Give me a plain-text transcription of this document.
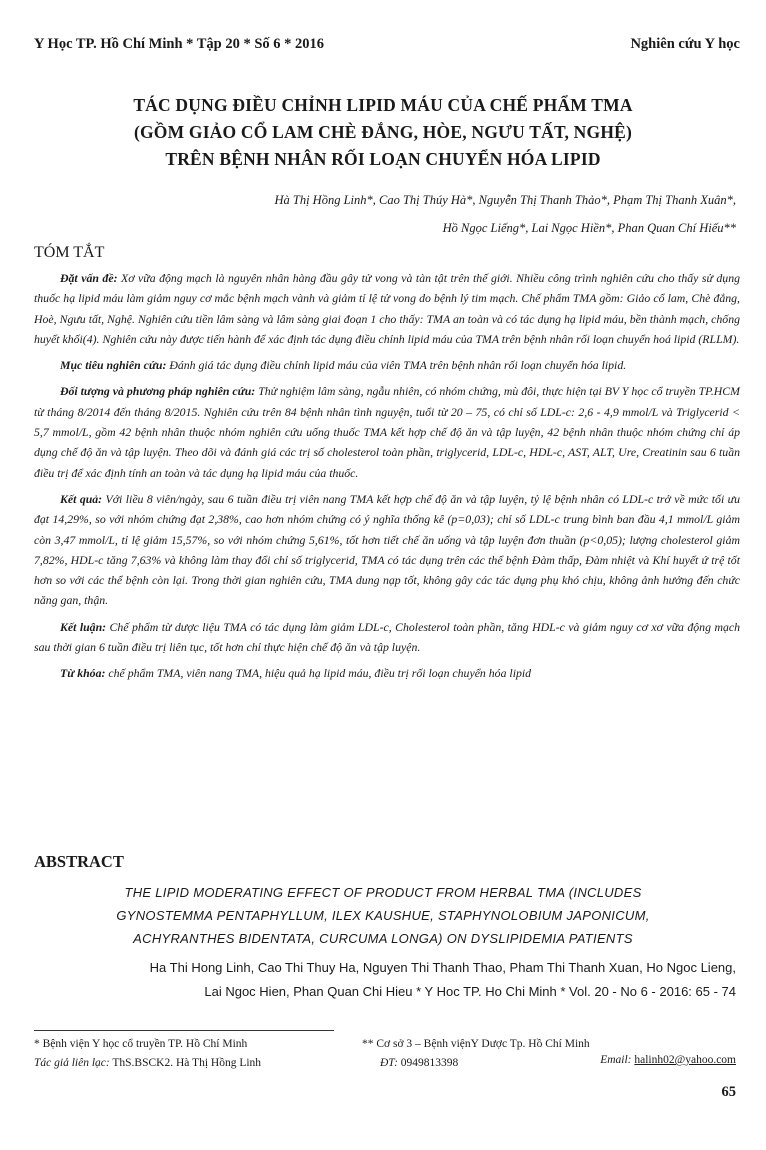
Y Học TP. Hồ Chí Minh * Tập 20 * Số 6 * 2016	Nghiên cứu Y học
TÁC DỤNG ĐIỀU CHỈNH LIPID MÁU CỦA CHẾ PHẨM TMA
(GỒM GIẢO CỔ LAM CHÈ ĐẮNG, HÒE, NGƯU TẤT, NGHỆ)
TRÊN BỆNH NHÂN RỐI LOẠN CHUYỂN HÓA LIPID
Hà Thị Hồng Linh*, Cao Thị Thúy Hà*, Nguyễn Thị Thanh Thảo*, Phạm Thị Thanh Xuân*,
Hồ Ngọc Liếng*, Lai Ngọc Hiền*, Phan Quan Chí Hiếu**
TÓM TẮT

Đặt vấn đề: Xơ vữa động mạch là nguyên nhân hàng đầu gây tử vong và tàn tật trên thế giới. Nhiều công trình nghiên cứu cho thấy sử dụng thuốc hạ lipid máu làm giảm nguy cơ mắc bệnh mạch vành và giảm tỉ lệ tử vong do bệnh lý tim mạch. Chế phẩm TMA gồm: Giảo cổ lam, Chè đắng, Hoè, Ngưu tất, Nghệ. Nghiên cứu tiền lâm sàng và lâm sàng giai đoạn 1 cho thấy: TMA an toàn và có tác dụng hạ lipid máu, bền thành mạch, chống huyết khối(4). Nghiên cứu này được tiến hành để xác định tác dụng điều chỉnh lipid máu của TMA trên bệnh nhân rối loạn chuyển hoá lipid (RLLM).

Mục tiêu nghiên cứu: Đánh giá tác dụng điều chỉnh lipid máu của viên TMA trên bệnh nhân rối loạn chuyển hóa lipid.

Đối tượng và phương pháp nghiên cứu: Thử nghiệm lâm sàng, ngẫu nhiên, có nhóm chứng, mù đôi, thực hiện tại BV Y học cổ truyền TP.HCM từ tháng 8/2014 đến tháng 8/2015. Nghiên cứu trên 84 bệnh nhân tình nguyện, tuổi từ 20 – 75, có chỉ số LDL-c: 2,6 - 4,9 mmol/L và Triglycerid < 5,7 mmol/L, gồm 42 bệnh nhân thuộc nhóm nghiên cứu uống thuốc TMA kết hợp chế độ ăn và tập luyện, 42 bệnh nhân thuộc nhóm chứng chỉ áp dụng chế độ ăn và tập luyện. Theo dõi và đánh giá các trị số cholesterol toàn phần, triglycerid, LDL-c, HDL-c, AST, ALT, Ure, Creatinin sau 6 tuần điều trị để xác định tính an toàn và tác dụng hạ lipid máu của thuốc.

Kết quả: Với liều 8 viên/ngày, sau 6 tuần điều trị viên nang TMA kết hợp chế độ ăn và tập luyện, tỷ lệ bệnh nhân có LDL-c trở về mức tối ưu đạt 14,29%, so với nhóm chứng đạt 2,38%, cao hơn nhóm chứng có ý nghĩa thống kê (p=0,03); chỉ số LDL-c trung bình ban đầu 4,1 mmol/L giảm còn 3,47 mmol/L, tỉ lệ giảm 15,57%, so với nhóm chứng 5,61%, tốt hơn tiết chế ăn uống và tập luyện đơn thuần (p<0,05); lượng cholesterol giảm 7,82%, HDL-c tăng 7,63% và không làm thay đổi chỉ số triglycerid, TMA có tác dụng trên các thể bệnh Đàm thấp, Đàm nhiệt và Khí huyết ứ trệ tốt hơn so với các thể bệnh còn lại. Trong thời gian nghiên cứu, TMA dung nạp tốt, không gây các tác dụng phụ khó chịu, không ảnh hưởng đến chức năng gan, thận.

Kết luận: Chế phẩm từ dược liệu TMA có tác dụng làm giảm LDL-c, Cholesterol toàn phần, tăng HDL-c và giảm nguy cơ xơ vữa động mạch sau thời gian 6 tuần điều trị liên tục, tốt hơn chỉ thực hiện chế độ ăn và tập luyện.

Từ khóa: chế phẩm TMA, viên nang TMA, hiệu quả hạ lipid máu, điều trị rối loạn chuyển hóa lipid

ABSTRACT
THE LIPID MODERATING EFFECT OF PRODUCT FROM HERBAL TMA (INCLUDES
GYNOSTEMMA PENTAPHYLLUM, ILEX KAUSHUE, STAPHYNOLOBIUM JAPONICUM,
ACHYRANTHES BIDENTATA, CURCUMA LONGA) ON DYSLIPIDEMIA PATIENTS
Ha Thi Hong Linh, Cao Thi Thuy Ha, Nguyen Thi Thanh Thao, Pham Thi Thanh Xuan, Ho Ngoc Lieng,
Lai Ngoc Hien, Phan Quan Chi Hieu * Y Hoc TP. Ho Chi Minh * Vol. 20 - No 6 - 2016: 65 - 74
* Bệnh viện Y học cổ truyền TP. Hồ Chí Minh
Tác giả liên lạc: ThS.BSCK2. Hà Thị Hồng Linh
** Cơ sở 3 – Bệnh việnY Dược Tp. Hồ Chí Minh
ĐT: 0949813398	Email: halinh02@yahoo.com
65
